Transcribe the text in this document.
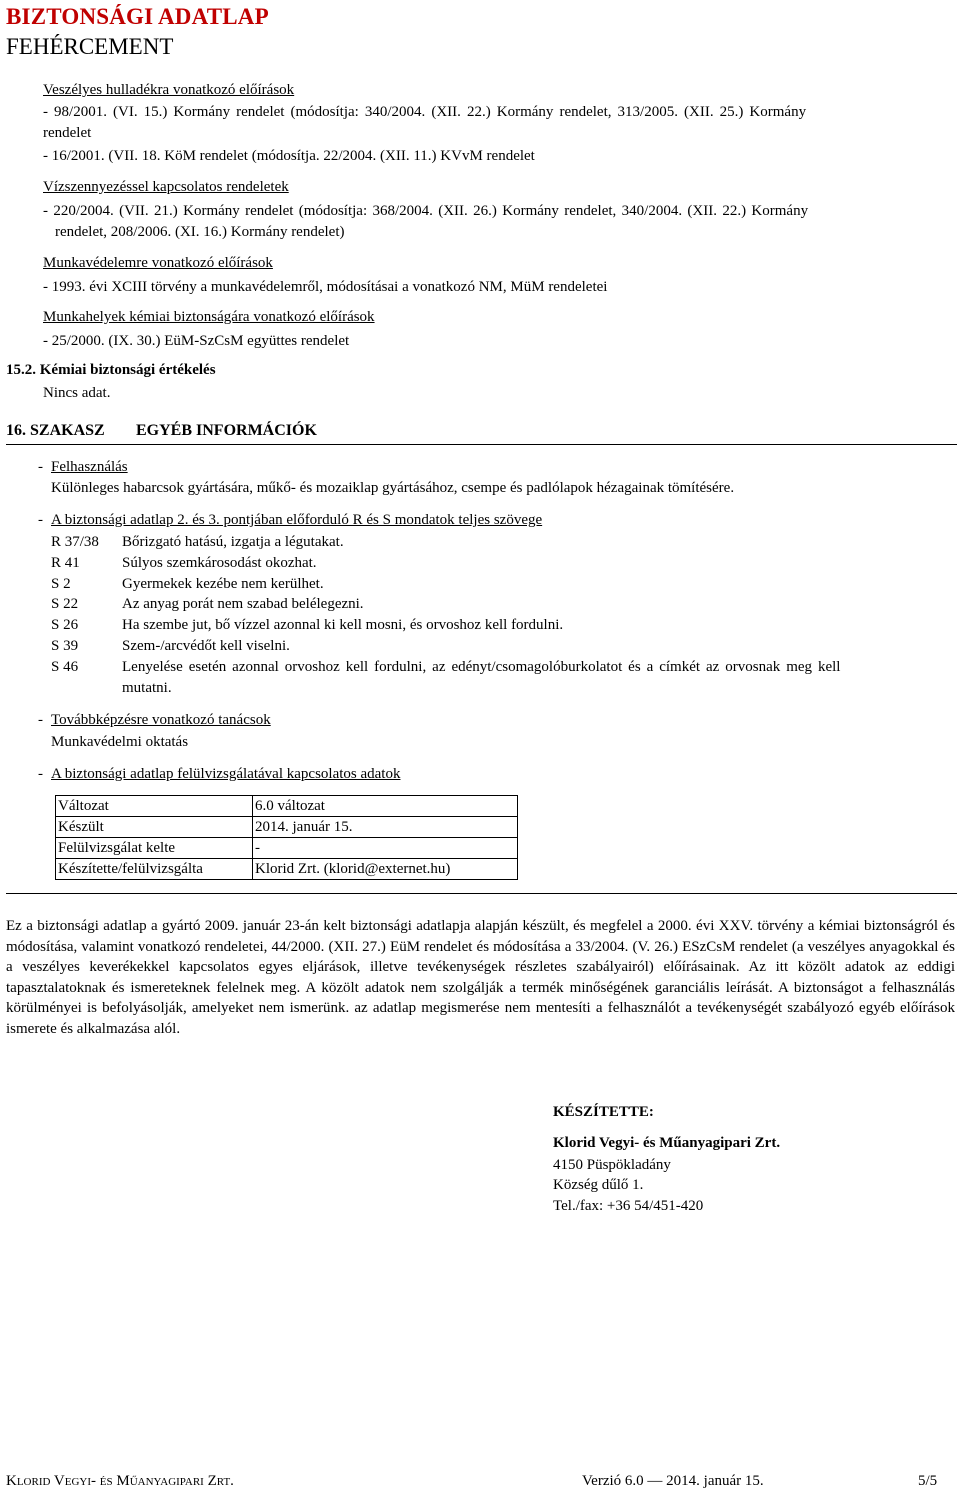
BIZTONSÁGI ADATLAP
FEHÉRCEMENT
Veszélyes hulladékra vonatkozó előírások
- 98/2001. (VI. 15.) Kormány rendelet (módosítja: 340/2004. (XII. 22.) Kormány rendelet, 313/2005. (XII. 25.) Kormány
rendelet
- 16/2001. (VII. 18. KöM rendelet (módosítja. 22/2004. (XII. 11.) KVvM rendelet
Vízszennyezéssel kapcsolatos rendeletek
- 220/2004. (VII. 21.) Kormány rendelet (módosítja: 368/2004. (XII. 26.) Kormány rendelet, 340/2004. (XII. 22.) Kormány
rendelet, 208/2006. (XI. 16.) Kormány rendelet)
Munkavédelemre vonatkozó előírások
- 1993. évi XCIII törvény a munkavédelemről, módosításai a vonatkozó NM, MüM rendeletei
Munkahelyek kémiai biztonságára vonatkozó előírások
- 25/2000. (IX. 30.) EüM-SzCsM együttes rendelet
15.2. Kémiai biztonsági értékelés
Nincs adat.
16. SZAKASZ EGYÉB INFORMÁCIÓK
- Felhasználás
Különleges habarcsok gyártására, műkő- és mozaiklap gyártásához, csempe és padlólapok hézagainak tömítésére.
- A biztonsági adatlap 2. és 3. pontjában előforduló R és S mondatok teljes szövege
R 37/38 Bőrizgató hatású, izgatja a légutakat.
R 41	Súlyos szemkárosodást okozhat.
S 2	Gyermekek kezébe nem kerülhet.
S 22	Az anyag porát nem szabad belélegezni.
S 26	Ha szembe jut, bő vízzel azonnal ki kell mosni, és orvoshoz kell fordulni.
S 39	Szem-/arcvédőt kell viselni.
S 46	Lenyelése esetén azonnal orvoshoz kell fordulni, az edényt/csomagolóburkolatot és a címkét az orvosnak meg kell
mutatni.
- Továbbképzésre vonatkozó tanácsok
Munkavédelmi oktatás
- A biztonsági adatlap felülvizsgálatával kapcsolatos adatok
Változat	6.0 változat
Készült	2014. január 15.
Felülvizsgálat kelte	-
Készítette/felülvizsgálta	Klorid Zrt. (klorid@externet.hu)
Ez a biztonsági adatlap a gyártó 2009. január 23-án kelt biztonsági adatlapja alapján készült, és megfelel a 2000. évi XXV. törvény a kémiai biztonságról és módosítása, valamint vonatkozó rendeletei, 44/2000. (XII. 27.) EüM rendelet és módosítása a 33/2004. (V. 26.) ESzCsM rendelet (a veszélyes anyagokkal és a veszélyes keverékekkel kapcsolatos egyes eljárások, illetve tevékenységek részletes szabályairól) előírásainak. Az itt közölt adatok az eddigi tapasztalatoknak és ismereteknek felelnek meg. A közölt adatok nem szolgálják a termék minőségének garanciális leírását. A biztonságot a felhasználás körülményei is befolyásolják, amelyeket nem ismerünk. az adatlap megismerése nem mentesíti a felhasználót a tevékenységét szabályozó egyéb előírások ismerete és alkalmazása alól.
KÉSZÍTETTE:
Klorid Vegyi- és Műanyagipari Zrt.
4150 Püspökladány
Község dűlő 1.
Tel./fax: +36 54/451-420
Klorid Vegyi- és Műanyagipari Zrt.	Verzió 6.0 — 2014. január 15.	5/5
